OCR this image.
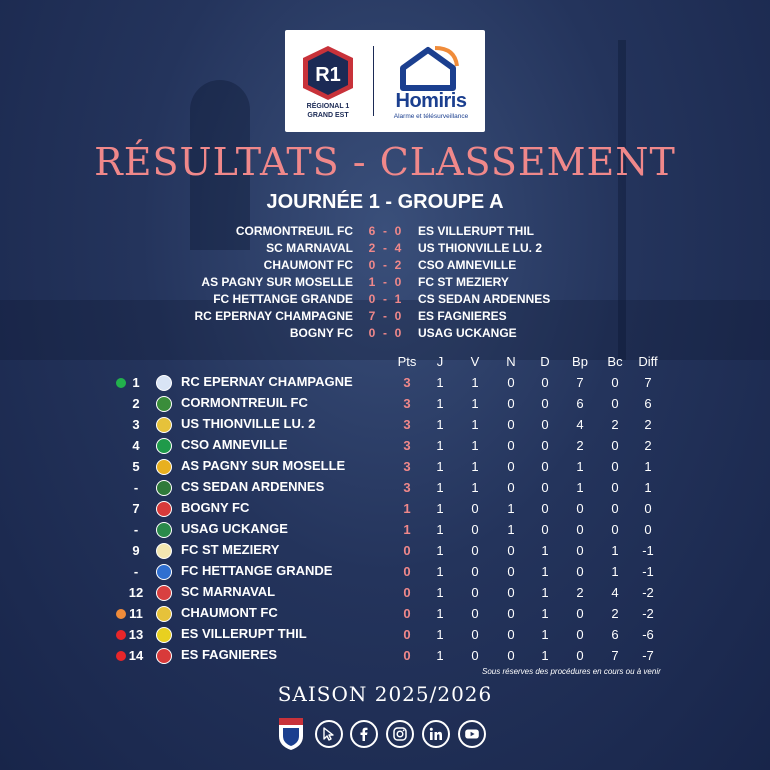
R1
RÉGIONAL 1
GRAND EST
Homiris
Alarme et télésurveillance
RÉSULTATS - CLASSEMENT
JOURNÉE 1 - GROUPE A
CORMONTREUIL FC	6 - 0	ES VILLERUPT THIL
SC MARNAVAL	2 - 4	US THIONVILLE LU. 2
CHAUMONT FC	0 - 2	CSO AMNEVILLE
AS PAGNY SUR MOSELLE	1 - 0	FC ST MEZIERY
FC HETTANGE GRANDE	0 - 1	CS SEDAN ARDENNES
RC EPERNAY CHAMPAGNE	7 - 0	ES FAGNIERES
BOGNY FC	0 - 0	USAG UCKANGE
Pts	J	V	N	D	Bp	Bc	Diff
1	RC EPERNAY CHAMPAGNE	3	1	1	0	0	7	0	7
2	CORMONTREUIL FC	3	1	1	0	0	6	0	6
3	US THIONVILLE LU. 2	3	1	1	0	0	4	2	2
4	CSO AMNEVILLE	3	1	1	0	0	2	0	2
5	AS PAGNY SUR MOSELLE	3	1	1	0	0	1	0	1
-	CS SEDAN ARDENNES	3	1	1	0	0	1	0	1
7	BOGNY FC	1	1	0	1	0	0	0	0
-	USAG UCKANGE	1	1	0	1	0	0	0	0
9	FC ST MEZIERY	0	1	0	0	1	0	1	-1
-	FC HETTANGE GRANDE	0	1	0	0	1	0	1	-1
12	SC MARNAVAL	0	1	0	0	1	2	4	-2
11	CHAUMONT FC	0	1	0	0	1	0	2	-2
13	ES VILLERUPT THIL	0	1	0	0	1	0	6	-6
14	ES FAGNIERES	0	1	0	0	1	0	7	-7
Sous réserves des procédures en cours ou à venir
SAISON 2025/2026
